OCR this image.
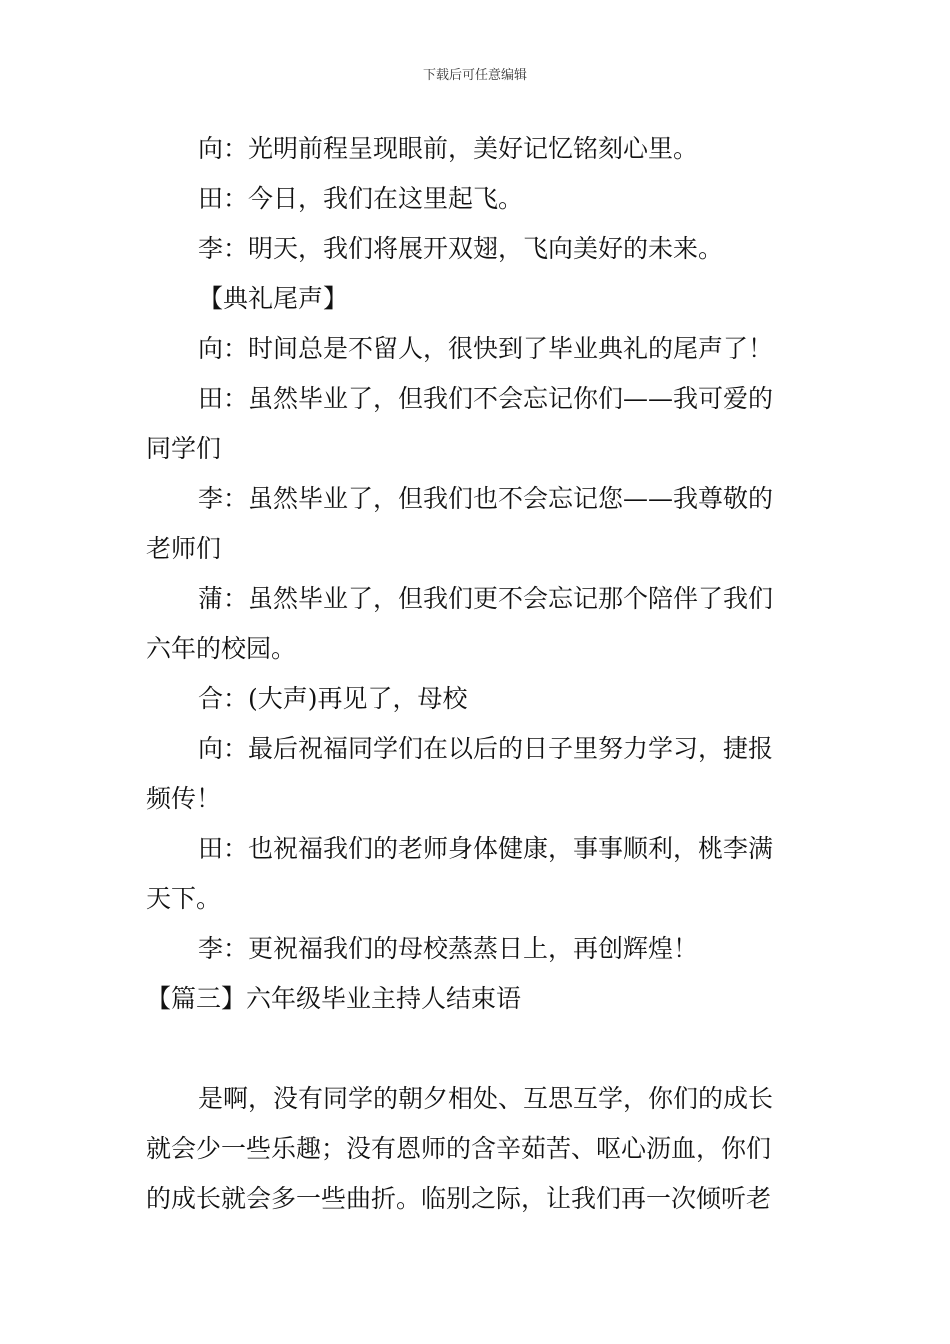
下载后可任意编辑

向：光明前程呈现眼前，美好记忆铭刻心里。

田：今日，我们在这里起飞。

李：明天，我们将展开双翅，飞向美好的未来。

【典礼尾声】

向：时间总是不留人，很快到了毕业典礼的尾声了！

田：虽然毕业了，但我们不会忘记你们——我可爱的

同学们

李：虽然毕业了，但我们也不会忘记您——我尊敬的

老师们

蒲：虽然毕业了，但我们更不会忘记那个陪伴了我们

六年的校园。

合：(大声)再见了，母校

向：最后祝福同学们在以后的日子里努力学习，捷报

频传！

田：也祝福我们的老师身体健康，事事顺利，桃李满

天下。

李：更祝福我们的母校蒸蒸日上，再创辉煌！

【篇三】六年级毕业主持人结束语

是啊，没有同学的朝夕相处、互思互学，你们的成长

就会少一些乐趣；没有恩师的含辛茹苦、呕心沥血，你们

的成长就会多一些曲折。临别之际，让我们再一次倾听老
